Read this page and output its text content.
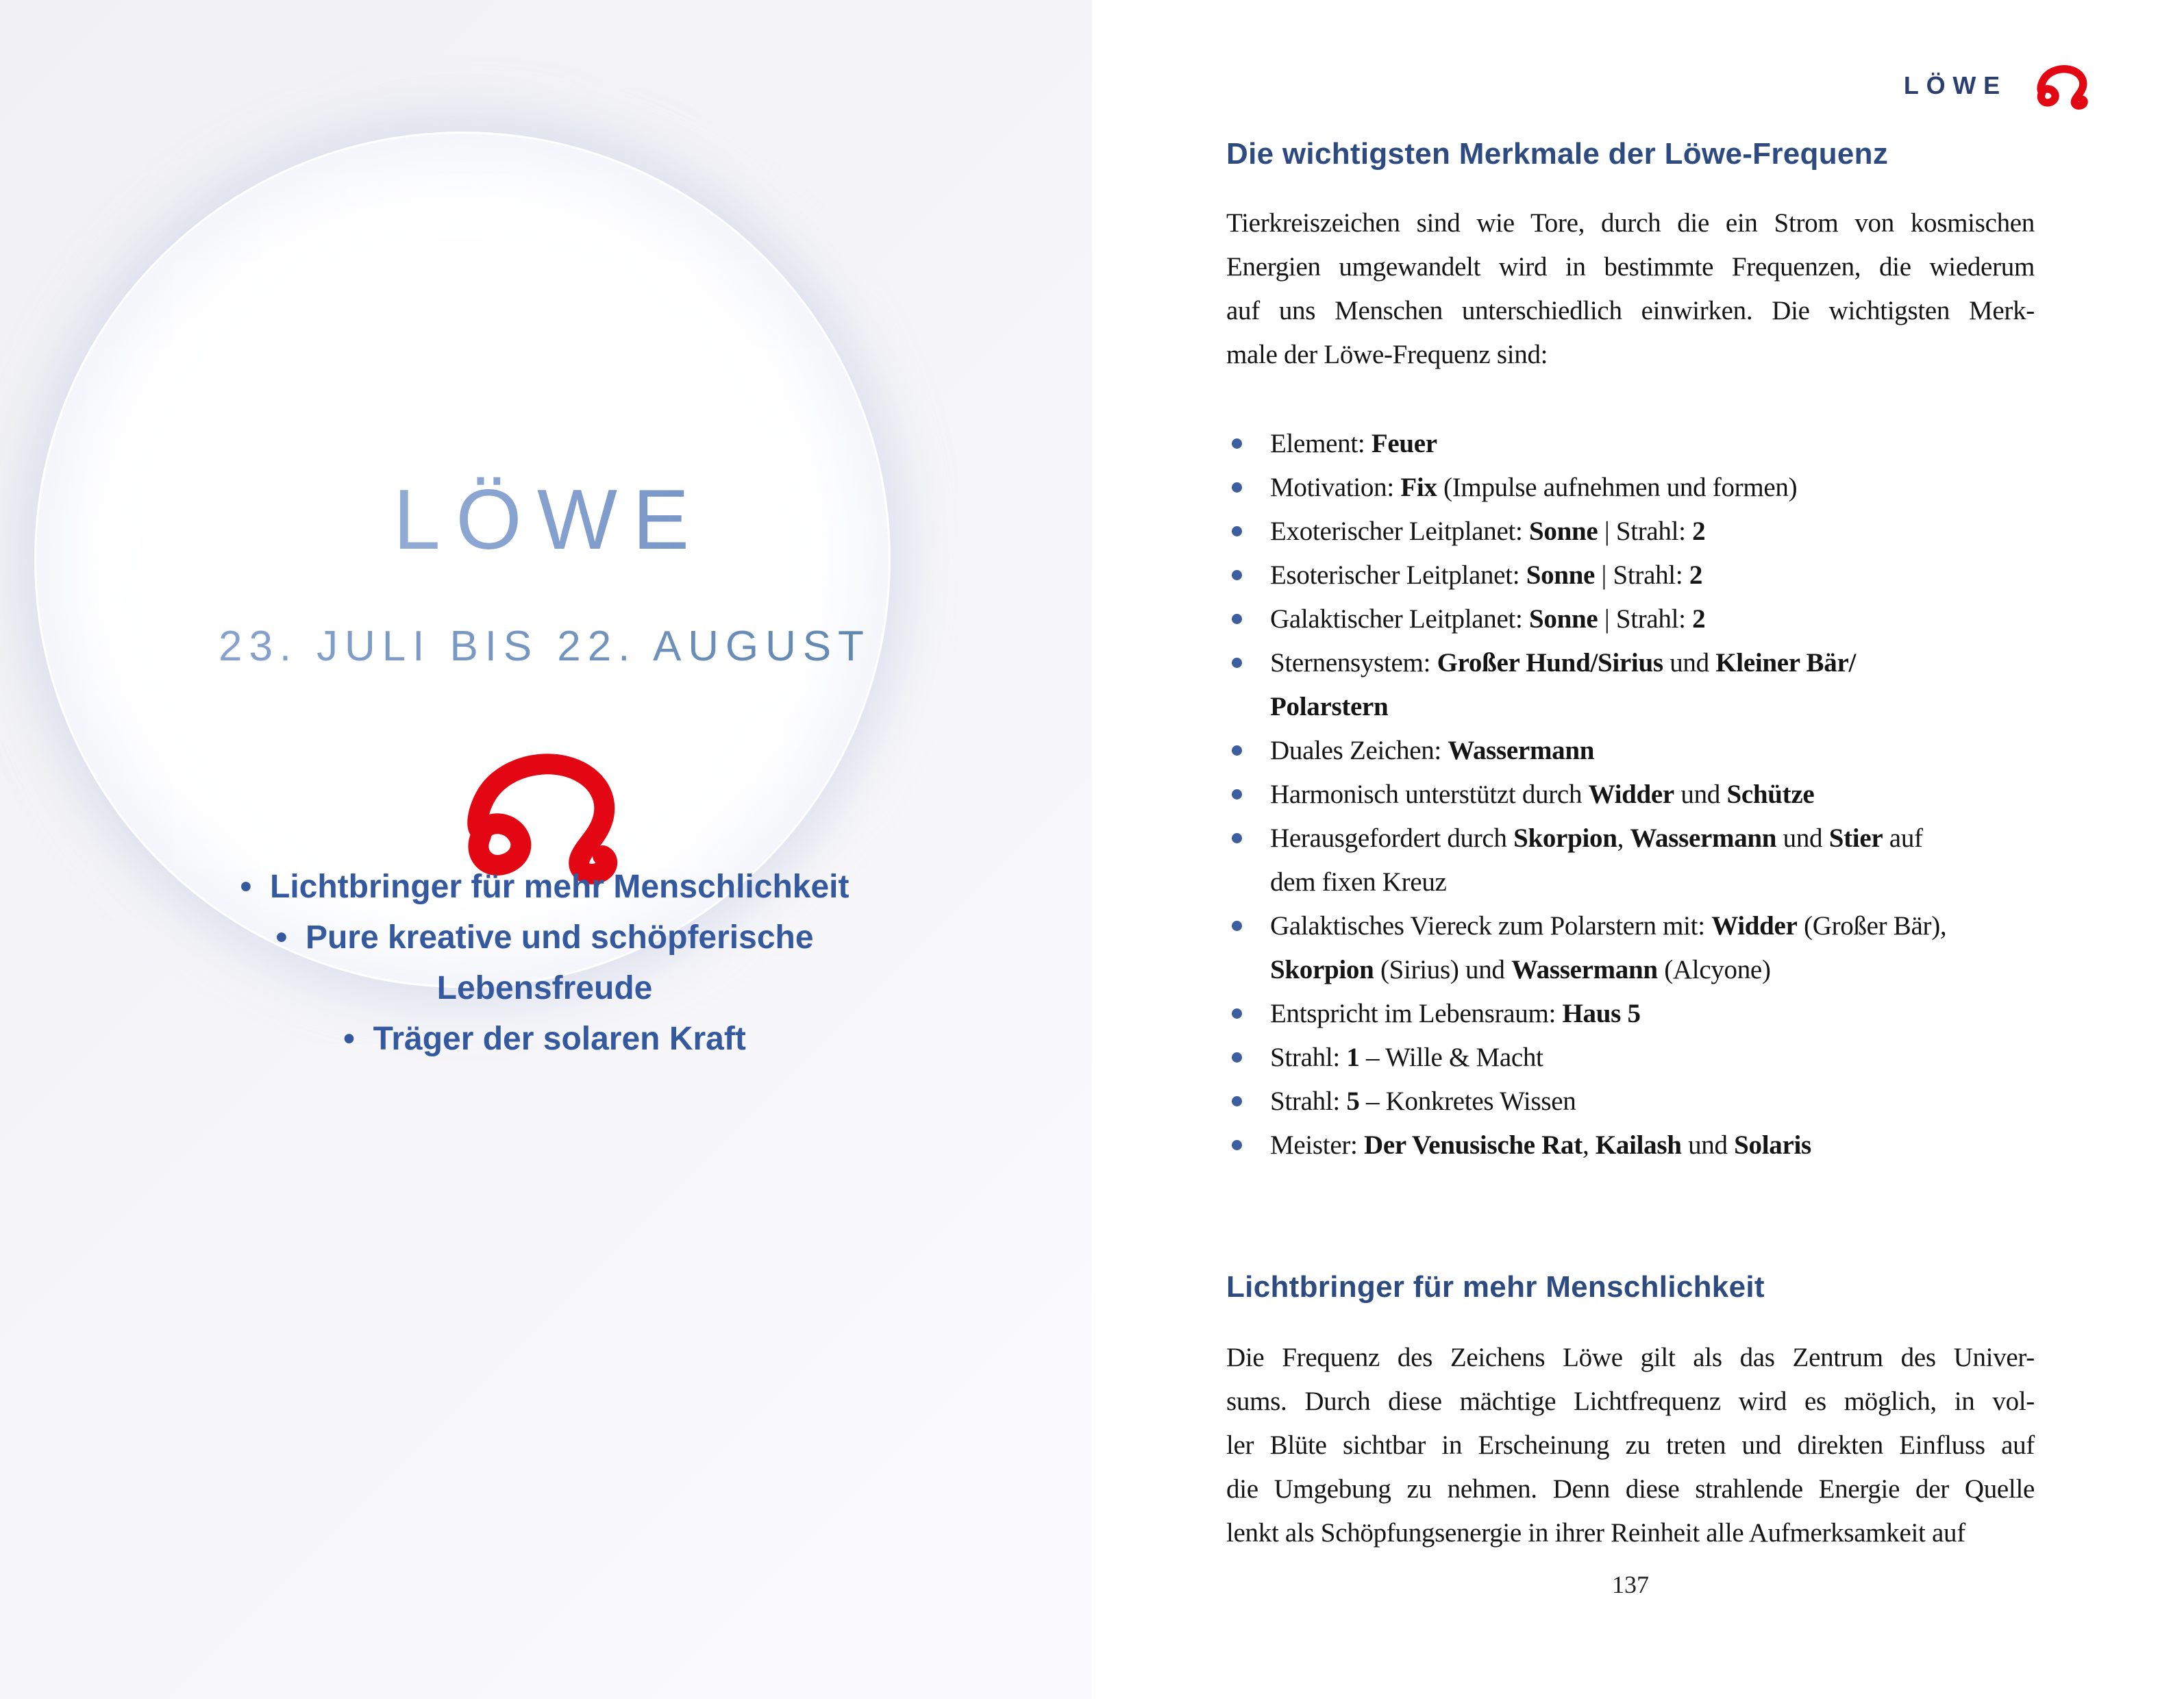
LÖWE
23. JULI BIS 22. AUGUST
•  Lichtbringer für mehr Menschlichkeit
•  Pure kreative und schöpferische Lebensfreude
•  Träger der solaren Kraft
LÖWE
Die wichtigsten Merkmale der Löwe-Frequenz
Tierkreiszeichen sind wie Tore, durch die ein Strom von kosmischen
Energien umgewandelt wird in bestimmte Frequenzen, die wiederum
auf uns Menschen unterschiedlich einwirken. Die wichtigsten Merk-
male der Löwe-Frequenz sind:
Element: Feuer
Motivation: Fix (Impulse aufnehmen und formen)
Exoterischer Leitplanet: Sonne | Strahl: 2
Esoterischer Leitplanet: Sonne | Strahl: 2
Galaktischer Leitplanet: Sonne | Strahl: 2
Sternensystem: Großer Hund/Sirius und Kleiner Bär/
Polarstern
Duales Zeichen: Wassermann
Harmonisch unterstützt durch Widder und Schütze
Herausgefordert durch Skorpion, Wassermann und Stier auf
dem fixen Kreuz
Galaktisches Viereck zum Polarstern mit: Widder (Großer Bär),
Skorpion (Sirius) und Wassermann (Alcyone)
Entspricht im Lebensraum: Haus 5
Strahl: 1 – Wille & Macht
Strahl: 5 – Konkretes Wissen
Meister: Der Venusische Rat, Kailash und Solaris
Lichtbringer für mehr Menschlichkeit
Die Frequenz des Zeichens Löwe gilt als das Zentrum des Univer-
sums. Durch diese mächtige Lichtfrequenz wird es möglich, in vol-
ler Blüte sichtbar in Erscheinung zu treten und direkten Einfluss auf
die Umgebung zu nehmen. Denn diese strahlende Energie der Quelle
lenkt als Schöpfungsenergie in ihrer Reinheit alle Aufmerksamkeit auf
137
